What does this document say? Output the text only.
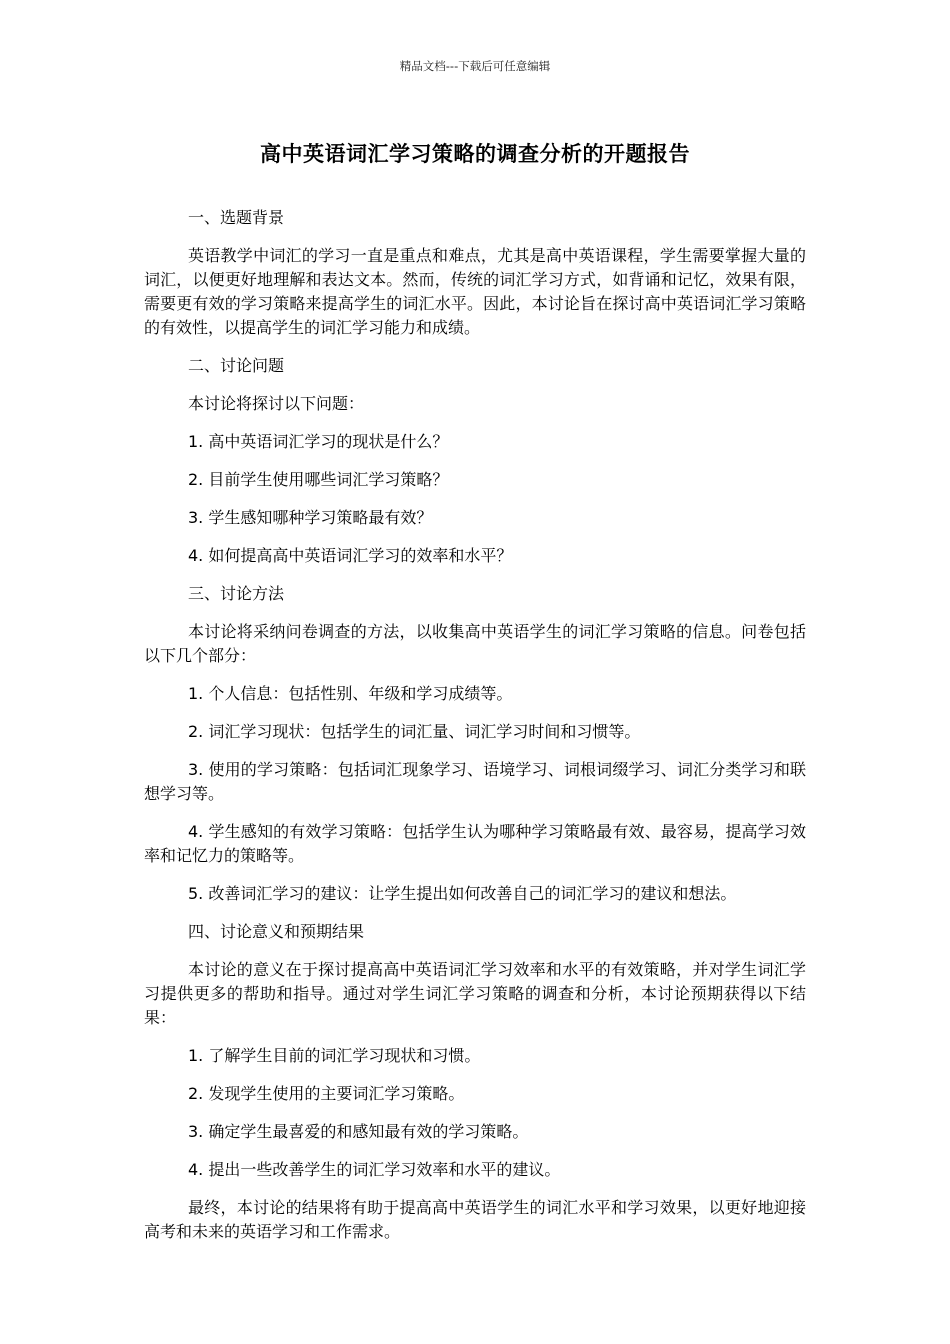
精品文档---下载后可任意编辑
高中英语词汇学习策略的调查分析的开题报告

一、选题背景

英语教学中词汇的学习一直是重点和难点，尤其是高中英语课程，学生需要掌握大量的词汇，以便更好地理解和表达文本。然而，传统的词汇学习方式，如背诵和记忆，效果有限，需要更有效的学习策略来提高学生的词汇水平。因此，本讨论旨在探讨高中英语词汇学习策略的有效性，以提高学生的词汇学习能力和成绩。

二、讨论问题

本讨论将探讨以下问题：

1. 高中英语词汇学习的现状是什么？

2. 目前学生使用哪些词汇学习策略？

3. 学生感知哪种学习策略最有效？

4. 如何提高高中英语词汇学习的效率和水平？

三、讨论方法

本讨论将采纳问卷调查的方法，以收集高中英语学生的词汇学习策略的信息。问卷包括以下几个部分：

1. 个人信息：包括性别、年级和学习成绩等。

2. 词汇学习现状：包括学生的词汇量、词汇学习时间和习惯等。

3. 使用的学习策略：包括词汇现象学习、语境学习、词根词缀学习、词汇分类学习和联想学习等。

4. 学生感知的有效学习策略：包括学生认为哪种学习策略最有效、最容易，提高学习效率和记忆力的策略等。

5. 改善词汇学习的建议：让学生提出如何改善自己的词汇学习的建议和想法。

四、讨论意义和预期结果

本讨论的意义在于探讨提高高中英语词汇学习效率和水平的有效策略，并对学生词汇学习提供更多的帮助和指导。通过对学生词汇学习策略的调查和分析，本讨论预期获得以下结果：

1. 了解学生目前的词汇学习现状和习惯。

2. 发现学生使用的主要词汇学习策略。

3. 确定学生最喜爱的和感知最有效的学习策略。

4. 提出一些改善学生的词汇学习效率和水平的建议。

最终，本讨论的结果将有助于提高高中英语学生的词汇水平和学习效果，以更好地迎接高考和未来的英语学习和工作需求。
